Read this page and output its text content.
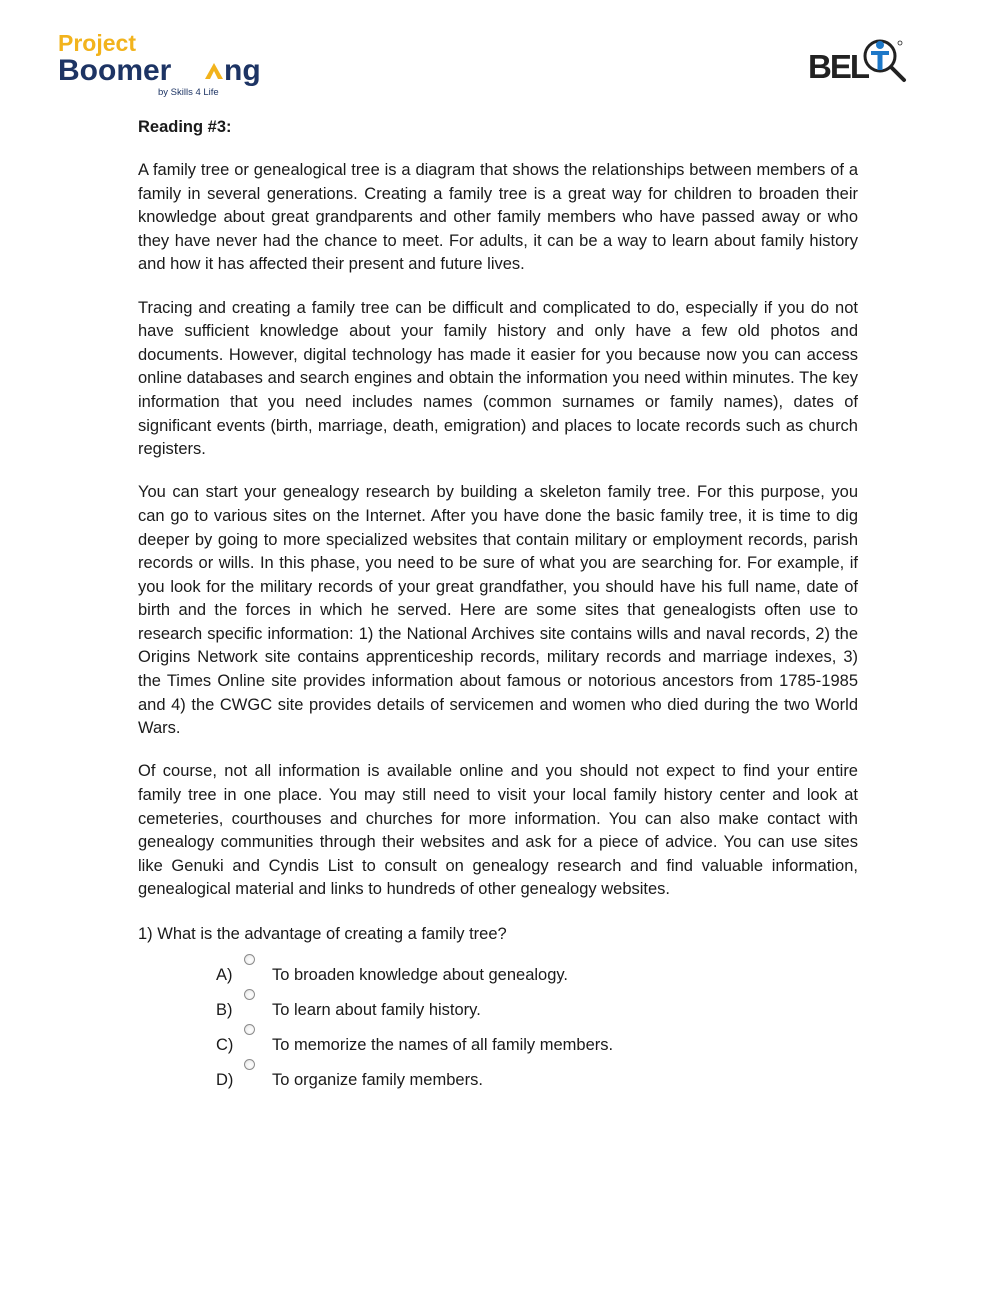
Project
Boomer ng
by Skills 4 Life
BEL
Reading #3:

A family tree or genealogical tree is a diagram that shows the relationships between members of a family in several generations. Creating a family tree is a great way for children to broaden their knowledge about great grandparents and other family members who have passed away or who they have never had the chance to meet. For adults, it can be a way to learn about family history and how it has affected their present and future lives.

Tracing and creating a family tree can be difficult and complicated to do, especially if you do not have sufficient knowledge about your family history and only have a few old photos and documents. However, digital technology has made it easier for you because now you can access online databases and search engines and obtain the information you need within minutes. The key information that you need includes names (common surnames or family names), dates of significant events (birth, marriage, death, emigration) and places to locate records such as church registers.

You can start your genealogy research by building a skeleton family tree. For this purpose, you can go to various sites on the Internet. After you have done the basic family tree, it is time to dig deeper by going to more specialized websites that contain military or employment records, parish records or wills. In this phase, you need to be sure of what you are searching for. For example, if you look for the military records of your great grandfather, you should have his full name, date of birth and the forces in which he served. Here are some sites that genealogists often use to research specific information: 1) the National Archives site contains wills and naval records, 2) the Origins Network site contains apprenticeship records, military records and marriage indexes, 3) the Times Online site provides information about famous or notorious ancestors from 1785-1985 and 4) the CWGC site provides details of servicemen and women who died during the two World Wars.

Of course, not all information is available online and you should not expect to find your entire family tree in one place. You may still need to visit your local family history center and look at cemeteries, courthouses and churches for more information. You can also make contact with genealogy communities through their websites and ask for a piece of advice. You can use sites like Genuki and Cyndis List to consult on genealogy research and find valuable information, genealogical material and links to hundreds of other genealogy websites.

1) What is the advantage of creating a family tree?
A) To broaden knowledge about genealogy.
B) To learn about family history.
C) To memorize the names of all family members.
D) To organize family members.
